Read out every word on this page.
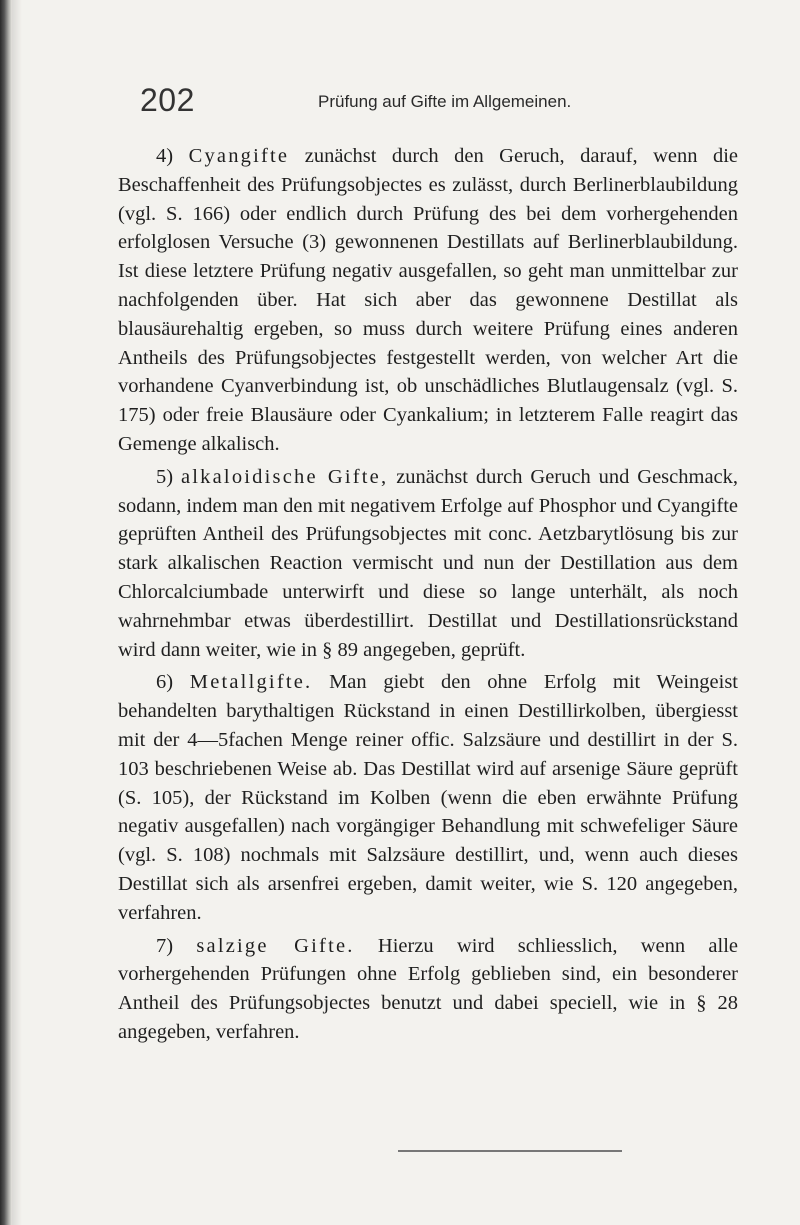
202	Prüfung auf Gifte im Allgemeinen.

4) Cyangifte zunächst durch den Geruch, darauf, wenn die Beschaffenheit des Prüfungsobjectes es zulässt, durch Berlinerblaubildung (vgl. S. 166) oder endlich durch Prüfung des bei dem vorhergehenden erfolglosen Versuche (3) gewonnenen Destillats auf Berlinerblaubildung. Ist diese letztere Prüfung negativ ausgefallen, so geht man unmittelbar zur nachfolgenden über. Hat sich aber das gewonnene Destillat als blausäurehaltig ergeben, so muss durch weitere Prüfung eines anderen Antheils des Prüfungsobjectes festgestellt werden, von welcher Art die vorhandene Cyanverbindung ist, ob unschädliches Blutlaugensalz (vgl. S. 175) oder freie Blausäure oder Cyankalium; in letzterem Falle reagirt das Gemenge alkalisch.

5) alkaloidische Gifte, zunächst durch Geruch und Geschmack, sodann, indem man den mit negativem Erfolge auf Phosphor und Cyangifte geprüften Antheil des Prüfungsobjectes mit conc. Aetzbarytlösung bis zur stark alkalischen Reaction vermischt und nun der Destillation aus dem Chlorcalciumbade unterwirft und diese so lange unterhält, als noch wahrnehmbar etwas überdestillirt. Destillat und Destillationsrückstand wird dann weiter, wie in § 89 angegeben, geprüft.

6) Metallgifte. Man giebt den ohne Erfolg mit Weingeist behandelten barythaltigen Rückstand in einen Destillirkolben, übergiesst mit der 4—5fachen Menge reiner offic. Salzsäure und destillirt in der S. 103 beschriebenen Weise ab. Das Destillat wird auf arsenige Säure geprüft (S. 105), der Rückstand im Kolben (wenn die eben erwähnte Prüfung negativ ausgefallen) nach vorgängiger Behandlung mit schwefeliger Säure (vgl. S. 108) nochmals mit Salzsäure destillirt, und, wenn auch dieses Destillat sich als arsenfrei ergeben, damit weiter, wie S. 120 angegeben, verfahren.

7) salzige Gifte. Hierzu wird schliesslich, wenn alle vorhergehenden Prüfungen ohne Erfolg geblieben sind, ein besonderer Antheil des Prüfungsobjectes benutzt und dabei speciell, wie in § 28 angegeben, verfahren.
